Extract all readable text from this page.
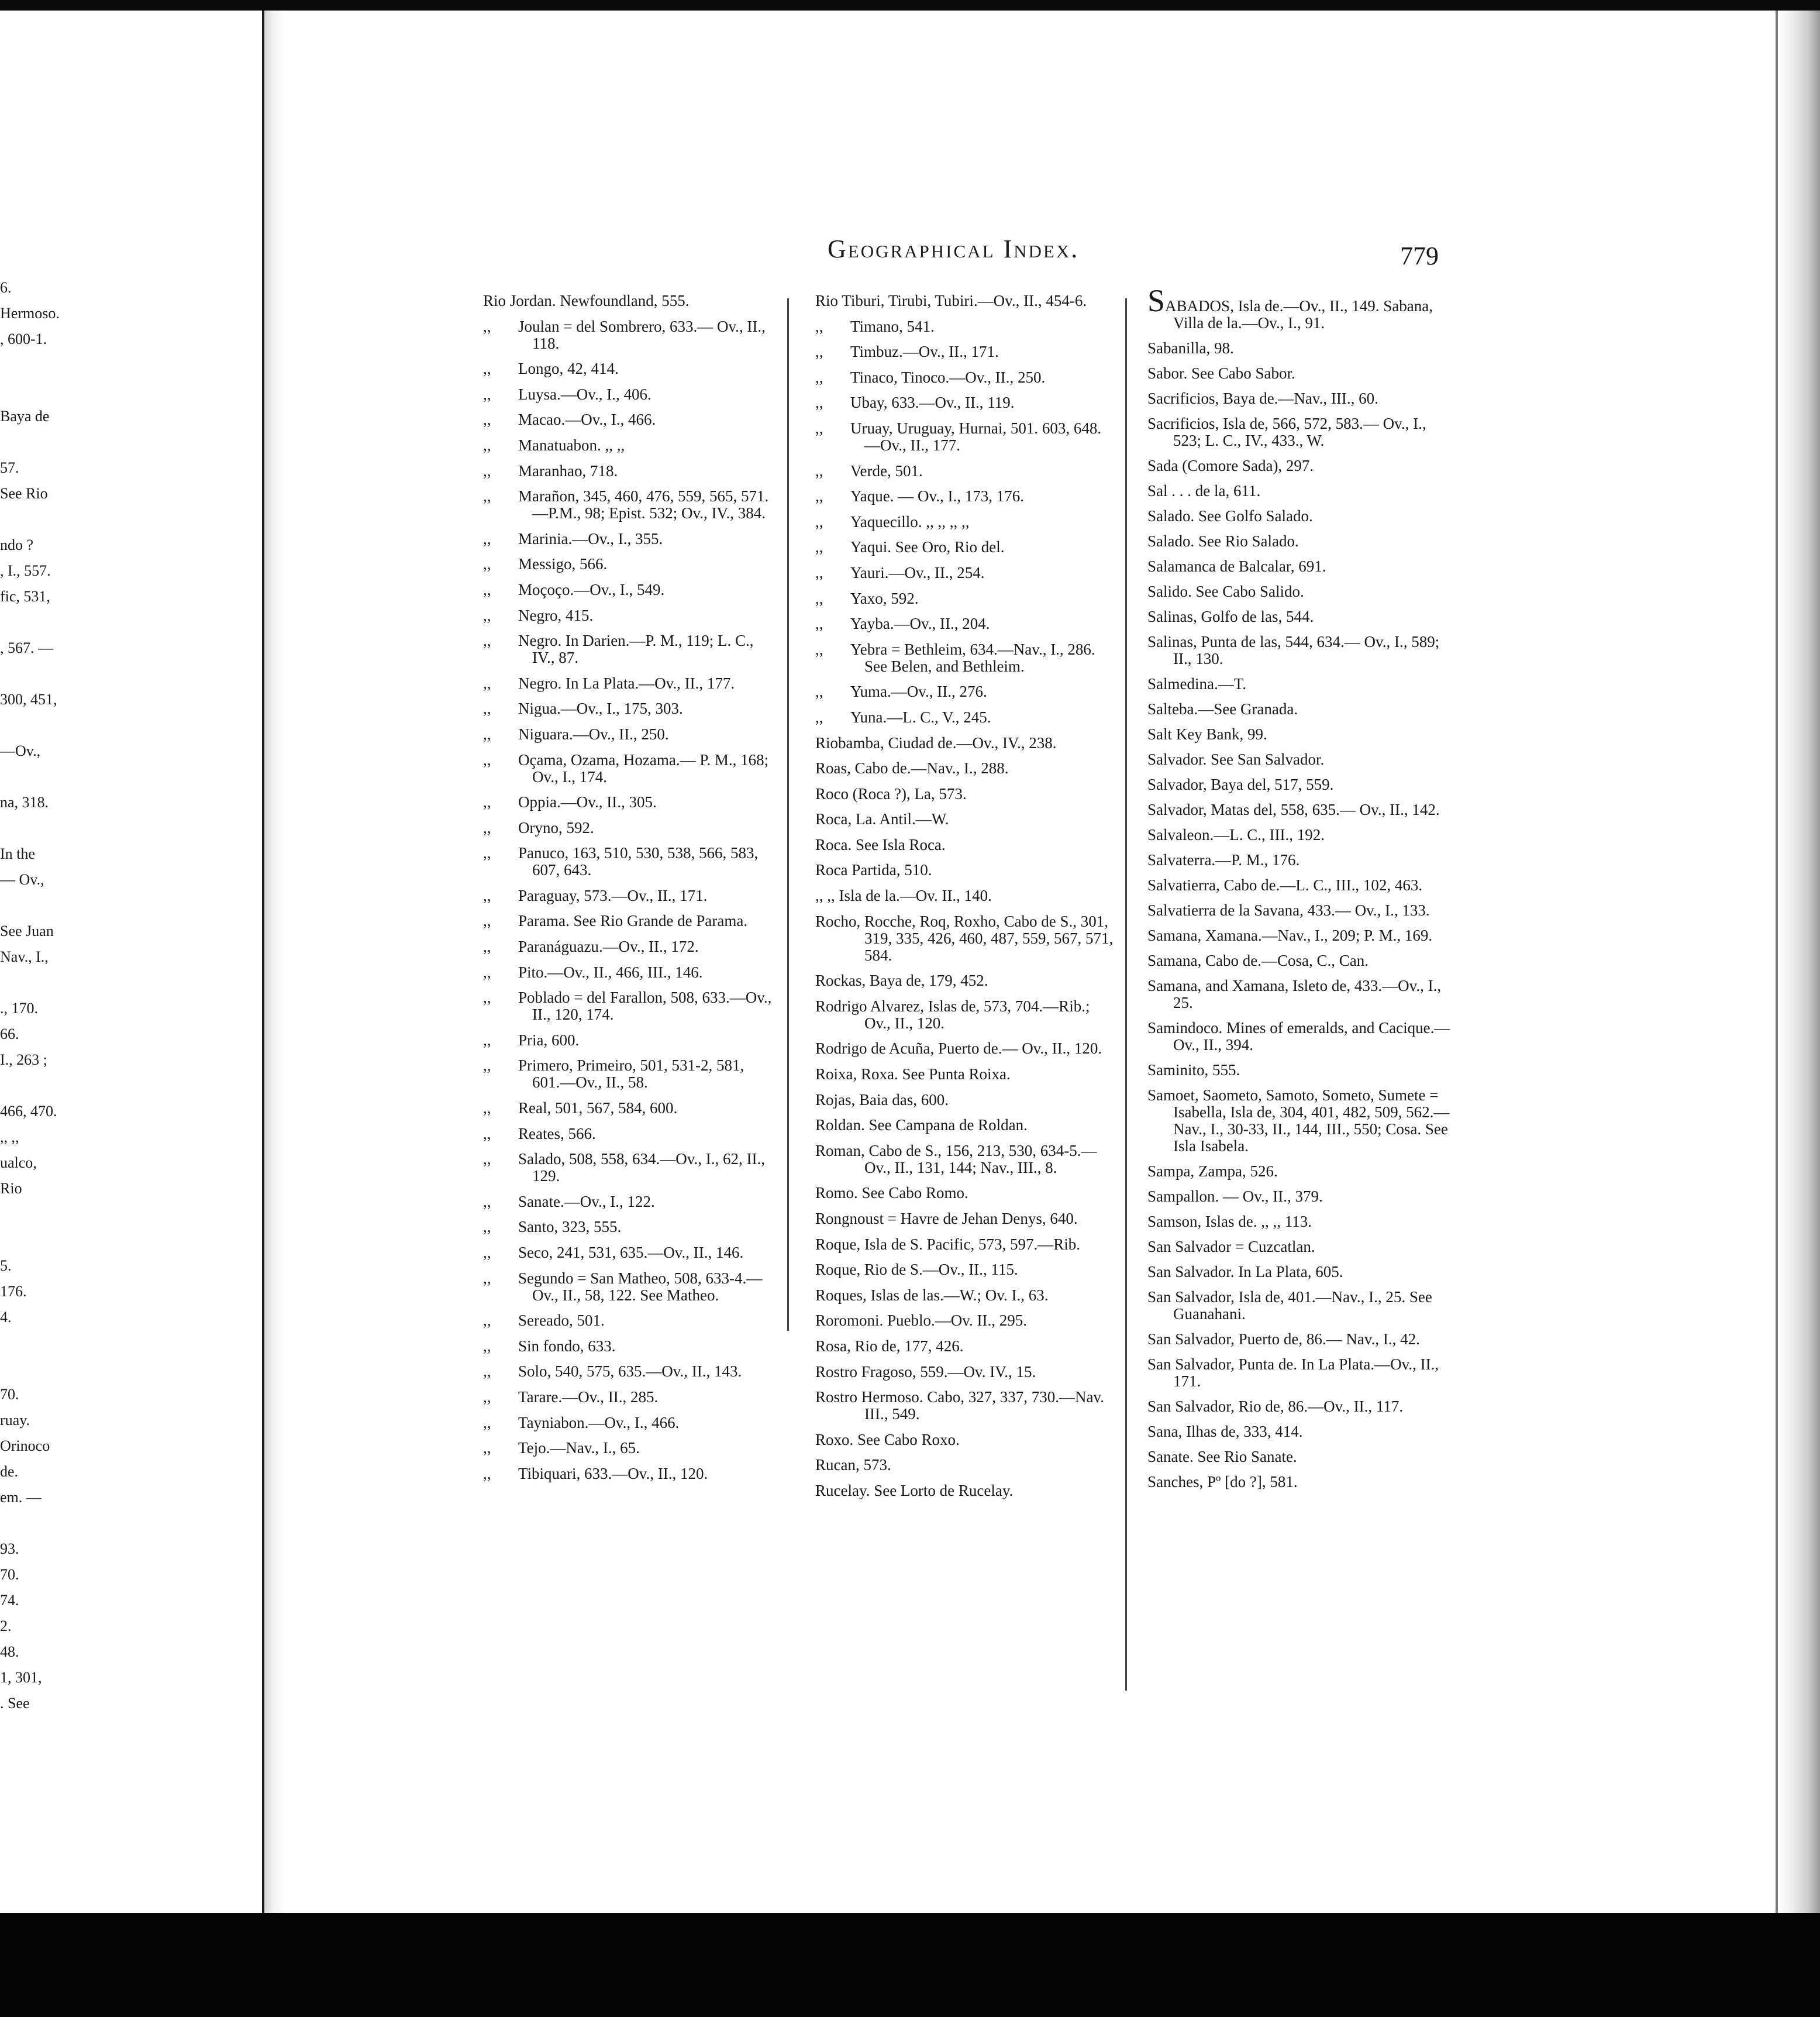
6.
Hermoso.
, 600-1.
Baya de
57.
See Rio
ndo ?
, I., 557.
fic, 531,
, 567. —
300, 451,
—Ov.,
na, 318.
In the
— Ov.,
See Juan
Nav., I.,
., 170.
66.
I., 263 ;
466, 470.
,, ,,
ualco,
Rio
5.
176.
4.
70.
ruay.
Orinoco
de.
em. —
93.
70.
74.
2.
48.
1, 301,
. See
Geographical Index.	779
Rio Jordan. Newfoundland, 555.
,, Joulan = del Sombrero, 633.— Ov., II., 118.
,, Longo, 42, 414.
,, Luysa.—Ov., I., 406.
,, Macao.—Ov., I., 466.
,, Manatuabon. ,, ,,
,, Maranhao, 718.
,, Marañon, 345, 460, 476, 559, 565, 571.—P.M., 98; Epist. 532; Ov., IV., 384.
,, Marinia.—Ov., I., 355.
,, Messigo, 566.
,, Moçoço.—Ov., I., 549.
,, Negro, 415.
,, Negro. In Darien.—P. M., 119; L. C., IV., 87.
,, Negro. In La Plata.—Ov., II., 177.
,, Nigua.—Ov., I., 175, 303.
,, Niguara.—Ov., II., 250.
,, Oçama, Ozama, Hozama.— P. M., 168; Ov., I., 174.
,, Oppia.—Ov., II., 305.
,, Oryno, 592.
,, Panuco, 163, 510, 530, 538, 566, 583, 607, 643.
,, Paraguay, 573.—Ov., II., 171.
,, Parama. See Rio Grande de Parama.
,, Paranáguazu.—Ov., II., 172.
,, Pito.—Ov., II., 466, III., 146.
,, Poblado = del Farallon, 508, 633.—Ov., II., 120, 174.
,, Pria, 600.
,, Primero, Primeiro, 501, 531-2, 581, 601.—Ov., II., 58.
,, Real, 501, 567, 584, 600.
,, Reates, 566.
,, Salado, 508, 558, 634.—Ov., I., 62, II., 129.
,, Sanate.—Ov., I., 122.
,, Santo, 323, 555.
,, Seco, 241, 531, 635.—Ov., II., 146.
,, Segundo = San Matheo, 508, 633-4.—Ov., II., 58, 122. See Matheo.
,, Sereado, 501.
,, Sin fondo, 633.
,, Solo, 540, 575, 635.—Ov., II., 143.
,, Tarare.—Ov., II., 285.
,, Tayniabon.—Ov., I., 466.
,, Tejo.—Nav., I., 65.
,, Tibiquari, 633.—Ov., II., 120.
Rio Tiburi, Tirubi, Tubiri.—Ov., II., 454-6.
,, Timano, 541.
,, Timbuz.—Ov., II., 171.
,, Tinaco, Tinoco.—Ov., II., 250.
,, Ubay, 633.—Ov., II., 119.
,, Uruay, Uruguay, Hurnai, 501. 603, 648.—Ov., II., 177.
,, Verde, 501.
,, Yaque. — Ov., I., 173, 176.
,, Yaquecillo. ,, ,, ,, ,,
,, Yaqui. See Oro, Rio del.
,, Yauri.—Ov., II., 254.
,, Yaxo, 592.
,, Yayba.—Ov., II., 204.
,, Yebra = Bethleim, 634.—Nav., I., 286. See Belen, and Bethleim.
,, Yuma.—Ov., II., 276.
,, Yuna.—L. C., V., 245.
Riobamba, Ciudad de.—Ov., IV., 238.
Roas, Cabo de.—Nav., I., 288.
Roco (Roca ?), La, 573.
Roca, La. Antil.—W.
Roca. See Isla Roca.
Roca Partida, 510.
,, ,, Isla de la.—Ov. II., 140.
Rocho, Rocche, Roq, Roxho, Cabo de S., 301, 319, 335, 426, 460, 487, 559, 567, 571, 584.
Rockas, Baya de, 179, 452.
Rodrigo Alvarez, Islas de, 573, 704.—Rib.; Ov., II., 120.
Rodrigo de Acuña, Puerto de.— Ov., II., 120.
Roixa, Roxa. See Punta Roixa.
Rojas, Baia das, 600.
Roldan. See Campana de Roldan.
Roman, Cabo de S., 156, 213, 530, 634-5.—Ov., II., 131, 144; Nav., III., 8.
Romo. See Cabo Romo.
Rongnoust = Havre de Jehan Denys, 640.
Roque, Isla de S. Pacific, 573, 597.—Rib.
Roque, Rio de S.—Ov., II., 115.
Roques, Islas de las.—W.; Ov. I., 63.
Roromoni. Pueblo.—Ov. II., 295.
Rosa, Rio de, 177, 426.
Rostro Fragoso, 559.—Ov. IV., 15.
Rostro Hermoso. Cabo, 327, 337, 730.—Nav. III., 549.
Roxo. See Cabo Roxo.
Rucan, 573.
Rucelay. See Lorto de Rucelay.
SABADOS, Isla de.—Ov., II., 149. Sabana, Villa de la.—Ov., I., 91.
Sabanilla, 98.
Sabor. See Cabo Sabor.
Sacrificios, Baya de.—Nav., III., 60.
Sacrificios, Isla de, 566, 572, 583.— Ov., I., 523; L. C., IV., 433., W.
Sada (Comore Sada), 297.
Sal . . . de la, 611.
Salado. See Golfo Salado.
Salado. See Rio Salado.
Salamanca de Balcalar, 691.
Salido. See Cabo Salido.
Salinas, Golfo de las, 544.
Salinas, Punta de las, 544, 634.— Ov., I., 589; II., 130.
Salmedina.—T.
Salteba.—See Granada.
Salt Key Bank, 99.
Salvador. See San Salvador.
Salvador, Baya del, 517, 559.
Salvador, Matas del, 558, 635.— Ov., II., 142.
Salvaleon.—L. C., III., 192.
Salvaterra.—P. M., 176.
Salvatierra, Cabo de.—L. C., III., 102, 463.
Salvatierra de la Savana, 433.— Ov., I., 133.
Samana, Xamana.—Nav., I., 209; P. M., 169.
Samana, Cabo de.—Cosa, C., Can.
Samana, and Xamana, Isleto de, 433.—Ov., I., 25.
Samindoco. Mines of emeralds, and Cacique.—Ov., II., 394.
Saminito, 555.
Samoet, Saometo, Samoto, Someto, Sumete = Isabella, Isla de, 304, 401, 482, 509, 562.—Nav., I., 30-33, II., 144, III., 550; Cosa. See Isla Isabela.
Sampa, Zampa, 526.
Sampallon. — Ov., II., 379.
Samson, Islas de. ,, ,, 113.
San Salvador = Cuzcatlan.
San Salvador. In La Plata, 605.
San Salvador, Isla de, 401.—Nav., I., 25. See Guanahani.
San Salvador, Puerto de, 86.— Nav., I., 42.
San Salvador, Punta de. In La Plata.—Ov., II., 171.
San Salvador, Rio de, 86.—Ov., II., 117.
Sana, Ilhas de, 333, 414.
Sanate. See Rio Sanate.
Sanches, Pº [do ?], 581.
